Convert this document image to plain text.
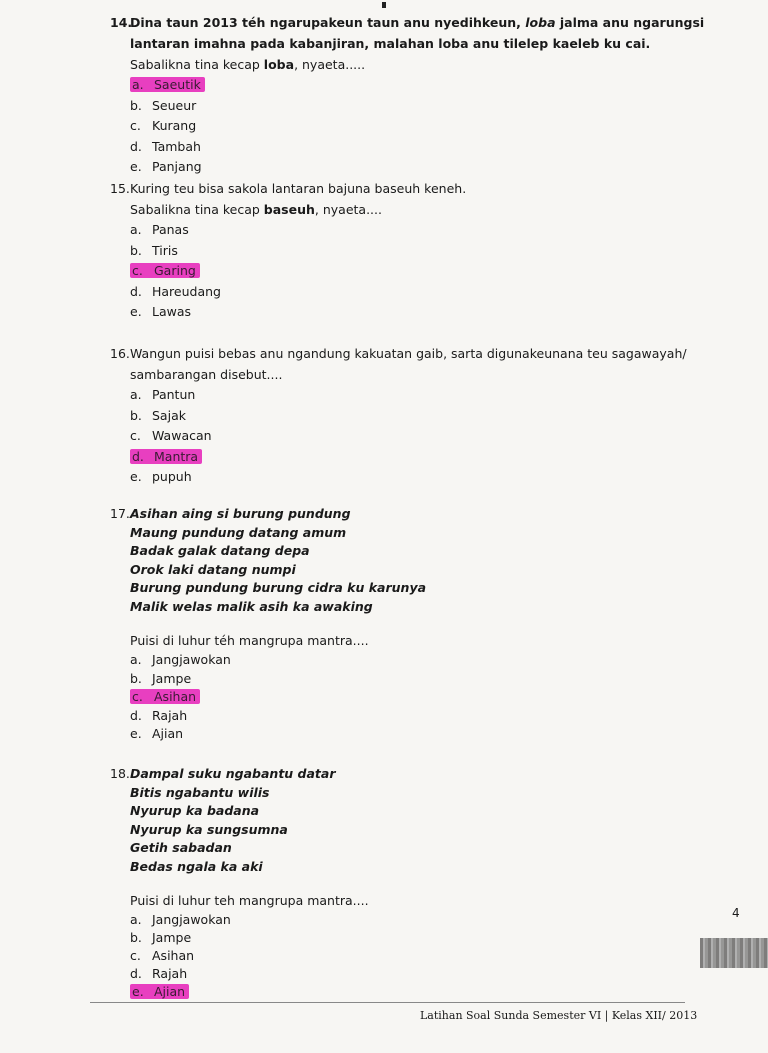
14.Dina taun 2013 téh ngarupakeun taun anu nyedihkeun, loba jalma anu ngarungsi
lantaran imahna pada kabanjiran, malahan loba anu tilelep kaeleb ku cai.
Sabalikna tina kecap loba, nyaeta.....
a. Saeutik
b. Seueur
c. Kurang
d. Tambah
e. Panjang
15.Kuring teu bisa sakola lantaran bajuna baseuh keneh.
Sabalikna tina kecap baseuh, nyaeta....
a. Panas
b. Tiris
c. Garing
d. Hareudang
e. Lawas
16.Wangun puisi bebas anu ngandung kakuatan gaib, sarta digunakeunana teu sagawayah/
sambarangan disebut....
a. Pantun
b. Sajak
c. Wawacan
d. Mantra
e. pupuh
17.Asihan aing si burung pundung
Maung pundung datang amum
Badak galak datang depa
Orok laki datang numpi
Burung pundung burung cidra ku karunya
Malik welas malik asih ka awaking
Puisi di luhur téh mangrupa mantra....
a. Jangjawokan
b. Jampe
c. Asihan
d. Rajah
e. Ajian
18.Dampal suku ngabantu datar
Bitis ngabantu wilis
Nyurup ka badana
Nyurup ka sungsumna
Getih sabadan
Bedas ngala ka aki
Puisi di luhur teh mangrupa mantra....
a. Jangjawokan
b. Jampe
c. Asihan
d. Rajah
e. Ajian
4
Latihan Soal Sunda Semester VI | Kelas XII/ 2013
